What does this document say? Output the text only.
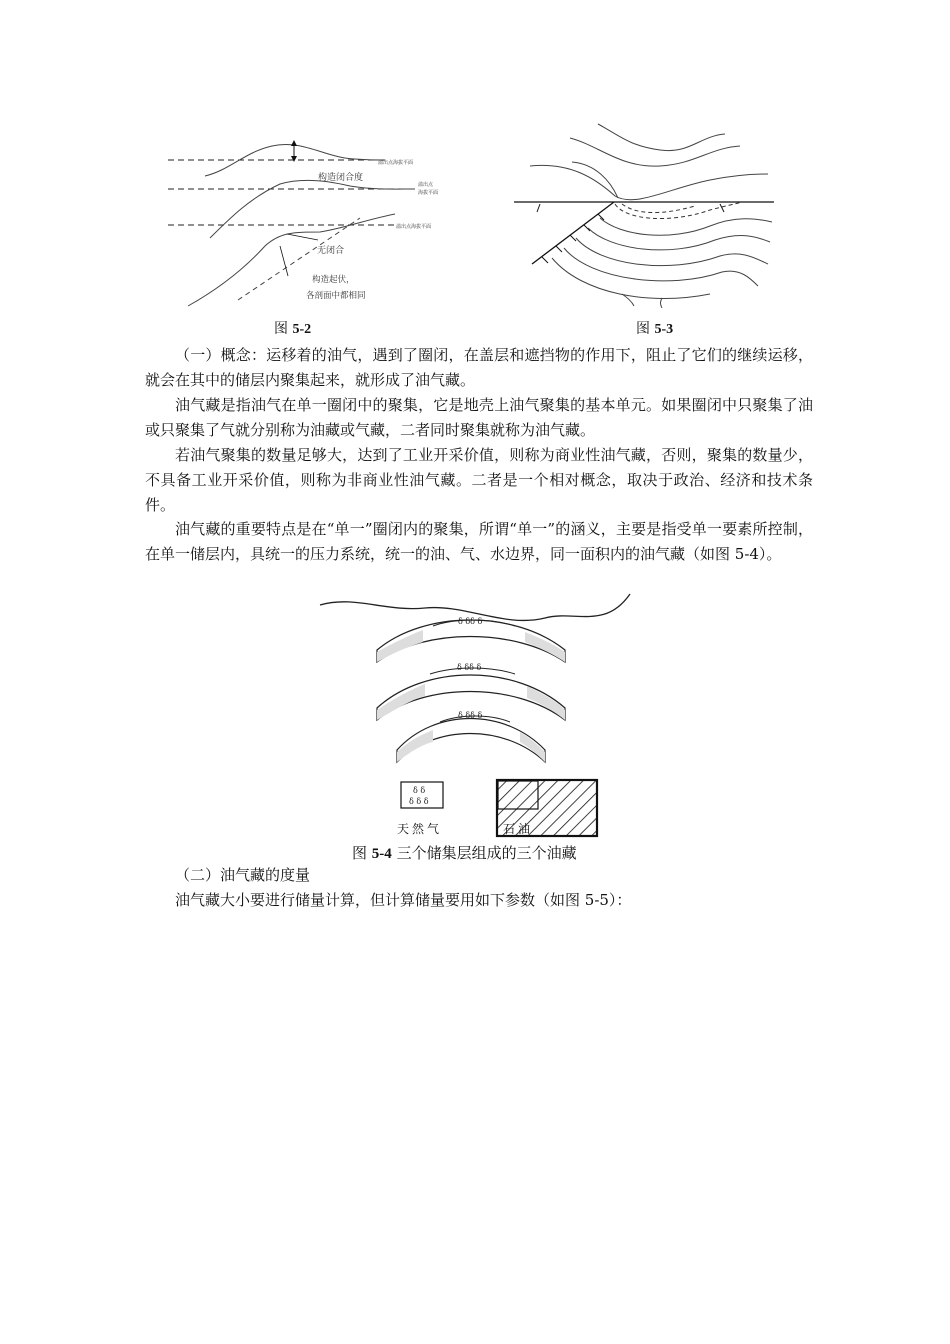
溢出点海拔平面
构造闭合度
溢出点
海拔平面
溢出点海拔平面
无闭合
构造起伏，
各剖面中都相同
图 5-2	图 5-3

（一）概念：运移着的油气，遇到了圈闭，在盖层和遮挡物的作用下，阻止了它们的继续运移，就会在其中的储层内聚集起来，就形成了油气藏。

油气藏是指油气在单一圈闭中的聚集，它是地壳上油气聚集的基本单元。如果圈闭中只聚集了油或只聚集了气就分别称为油藏或气藏，二者同时聚集就称为油气藏。

若油气聚集的数量足够大，达到了工业开采价值，则称为商业性油气藏，否则，聚集的数量少，不具备工业开采价值，则称为非商业性油气藏。二者是一个相对概念，取决于政治、经济和技术条件。

油气藏的重要特点是在“单一”圈闭内的聚集，所谓“单一”的涵义，主要是指受单一要素所控制，在单一储层内，具统一的压力系统，统一的油、气、水边界，同一面积内的油气藏（如图 5-4）。

δ δδ δ
δ δδ δ
δ δδ δ
δ δ
δ δ δ
天然气	石油
图 5-4 三个储集层组成的三个油藏

（二）油气藏的度量

油气藏大小要进行储量计算，但计算储量要用如下参数（如图 5-5）：
